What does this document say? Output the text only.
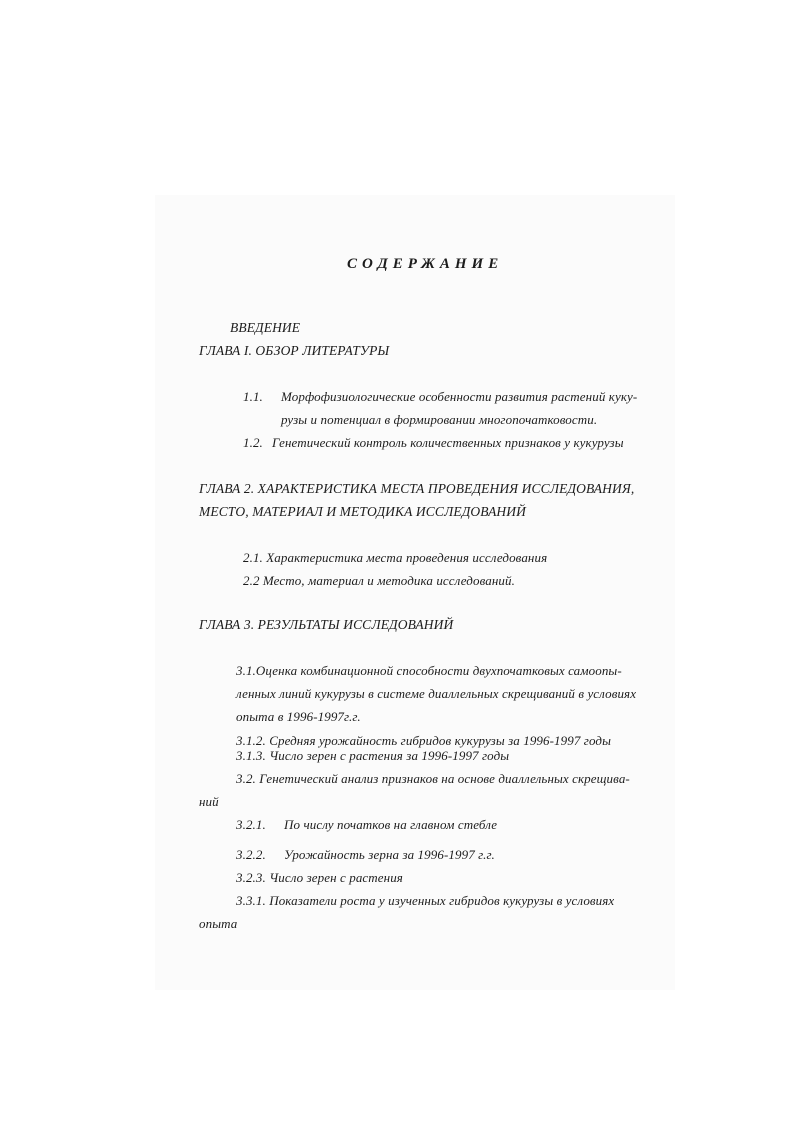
СОДЕРЖАНИЕ
ВВЕДЕНИЕ
ГЛАВА I. ОБЗОР ЛИТЕРАТУРЫ
1.1. Морфофизиологические особенности развития растений куку-
рузы и потенциал в формировании многопочатковости.
1.2. Генетический контроль количественных признаков у кукурузы
ГЛАВА 2. ХАРАКТЕРИСТИКА МЕСТА ПРОВЕДЕНИЯ ИССЛЕДОВАНИЯ,
МЕСТО, МАТЕРИАЛ И МЕТОДИКА ИССЛЕДОВАНИЙ
2.1. Характеристика места проведения исследования
2.2 Место, материал и методика исследований.
ГЛАВА 3. РЕЗУЛЬТАТЫ ИССЛЕДОВАНИЙ
3.1.Оценка комбинационной способности двухпочатковых самоопы-
ленных линий кукурузы в системе диаллельных скрещиваний в условиях
опыта в 1996-1997г.г.
3.1.2. Средняя урожайность гибридов кукурузы за 1996-1997 годы
3.1.3. Число зерен с растения за 1996-1997 годы
3.2. Генетический анализ признаков на основе диаллельных скрещива-
ний
3.2.1. По числу початков на главном стебле
3.2.2. Урожайность зерна за 1996-1997 г.г.
3.2.3. Число зерен с растения
3.3.1. Показатели роста у изученных гибридов кукурузы в условиях
опыта
